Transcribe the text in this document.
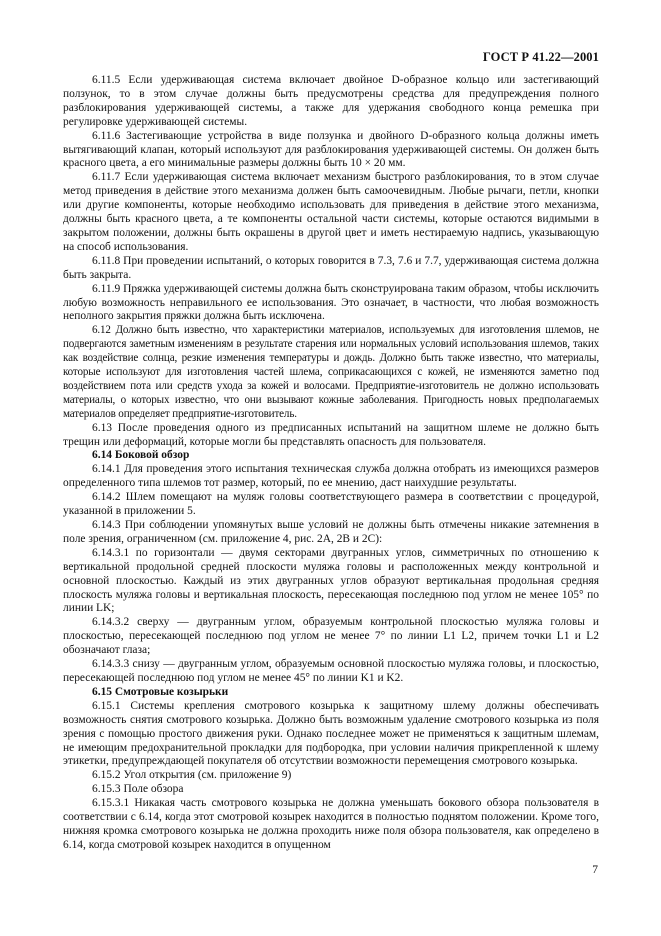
ГОСТ Р 41.22—2001

6.11.5 Если удерживающая система включает двойное D-образное кольцо или застегивающий ползунок, то в этом случае должны быть предусмотрены средства для предупреждения полного разблокирования удерживающей системы, а также для удержания свободного конца ремешка при регулировке удерживающей системы.

6.11.6 Застегивающие устройства в виде ползунка и двойного D-образного кольца должны иметь вытягивающий клапан, который используют для разблокирования удерживающей системы. Он должен быть красного цвета, а его минимальные размеры должны быть 10 × 20 мм.

6.11.7 Если удерживающая система включает механизм быстрого разблокирования, то в этом случае метод приведения в действие этого механизма должен быть самоочевидным. Любые рычаги, петли, кнопки или другие компоненты, которые необходимо использовать для приведения в действие этого механизма, должны быть красного цвета, а те компоненты остальной части системы, которые остаются видимыми в закрытом положении, должны быть окрашены в другой цвет и иметь нестираемую надпись, указывающую на способ использования.

6.11.8 При проведении испытаний, о которых говорится в 7.3, 7.6 и 7.7, удерживающая система должна быть закрыта.

6.11.9 Пряжка удерживающей системы должна быть сконструирована таким образом, чтобы исключить любую возможность неправильного ее использования. Это означает, в частности, что любая возможность неполного закрытия пряжки должна быть исключена.

6.12 Должно быть известно, что характеристики материалов, используемых для изготовления шлемов, не подвергаются заметным изменениям в результате старения или нормальных условий использования шлемов, таких как воздействие солнца, резкие изменения температуры и дождь. Должно быть также известно, что материалы, которые используют для изготовления частей шлема, соприкасающихся с кожей, не изменяются заметно под воздействием пота или средств ухода за кожей и волосами. Предприятие-изготовитель не должно использовать материалы, о которых известно, что они вызывают кожные заболевания. Пригодность новых предполагаемых материалов определяет предприятие-изготовитель.

6.13 После проведения одного из предписанных испытаний на защитном шлеме не должно быть трещин или деформаций, которые могли бы представлять опасность для пользователя.

6.14 Боковой обзор

6.14.1 Для проведения этого испытания техническая служба должна отобрать из имеющихся размеров определенного типа шлемов тот размер, который, по ее мнению, даст наихудшие результаты.

6.14.2 Шлем помещают на муляж головы соответствующего размера в соответствии с процедурой, указанной в приложении 5.

6.14.3 При соблюдении упомянутых выше условий не должны быть отмечены никакие затемнения в поле зрения, ограниченном (см. приложение 4, рис. 2A, 2B и 2C):

6.14.3.1 по горизонтали — двумя секторами двугранных углов, симметричных по отношению к вертикальной продольной средней плоскости муляжа головы и расположенных между контрольной и основной плоскостью. Каждый из этих двугранных углов образуют вертикальная продольная средняя плоскость муляжа головы и вертикальная плоскость, пересекающая последнюю под углом не менее 105° по линии LK;

6.14.3.2 сверху — двугранным углом, образуемым контрольной плоскостью муляжа головы и плоскостью, пересекающей последнюю под углом не менее 7° по линии L1 L2, причем точки L1 и L2 обозначают глаза;

6.14.3.3 снизу — двугранным углом, образуемым основной плоскостью муляжа головы, и плоскостью, пересекающей последнюю под углом не менее 45° по линии K1 и K2.

6.15 Смотровые козырьки

6.15.1 Системы крепления смотрового козырька к защитному шлему должны обеспечивать возможность снятия смотрового козырька. Должно быть возможным удаление смотрового козырька из поля зрения с помощью простого движения руки. Однако последнее может не применяться к защитным шлемам, не имеющим предохранительной прокладки для подбородка, при условии наличия прикрепленной к шлему этикетки, предупреждающей покупателя об отсутствии возможности перемещения смотрового козырька.

6.15.2 Угол открытия (см. приложение 9)

6.15.3 Поле обзора

6.15.3.1 Никакая часть смотрового козырька не должна уменьшать бокового обзора пользователя в соответствии с 6.14, когда этот смотровой козырек находится в полностью поднятом положении. Кроме того, нижняя кромка смотрового козырька не должна проходить ниже поля обзора пользователя, как определено в 6.14, когда смотровой козырек находится в опущенном

7
